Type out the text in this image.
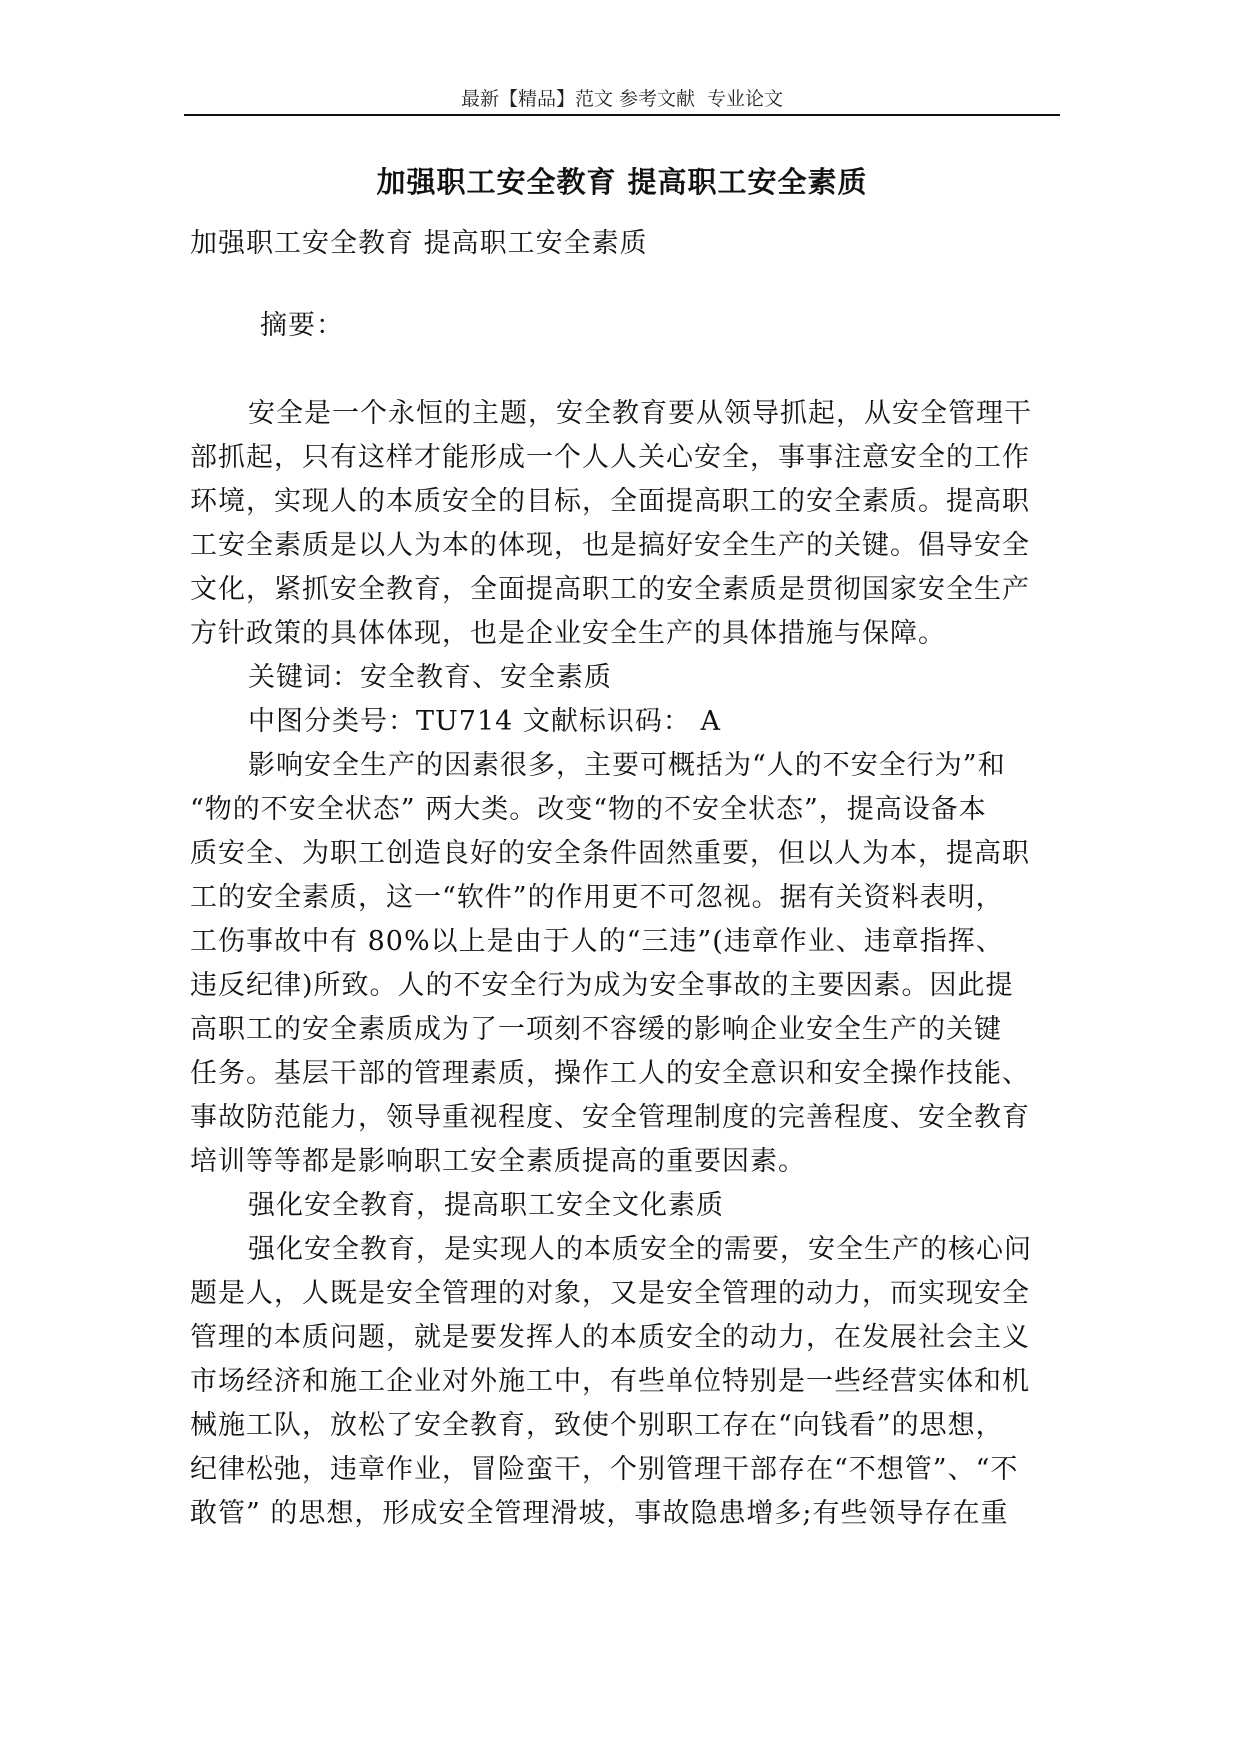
最新【精品】范文 参考文献  专业论文
加强职工安全教育 提高职工安全素质

加强职工安全教育 提高职工安全素质

摘要：

安全是一个永恒的主题，安全教育要从领导抓起，从安全管理干

部抓起，只有这样才能形成一个人人关心安全，事事注意安全的工作

环境，实现人的本质安全的目标，全面提高职工的安全素质。提高职

工安全素质是以人为本的体现，也是搞好安全生产的关键。倡导安全

文化，紧抓安全教育，全面提高职工的安全素质是贯彻国家安全生产

方针政策的具体体现，也是企业安全生产的具体措施与保障。

关键词：安全教育、安全素质

中图分类号：TU714 文献标识码： A

影响安全生产的因素很多，主要可概括为“人的不安全行为”和

“物的不安全状态” 两大类。改变“物的不安全状态”，提高设备本

质安全、为职工创造良好的安全条件固然重要，但以人为本，提高职

工的安全素质，这一“软件”的作用更不可忽视。据有关资料表明，

工伤事故中有 80%以上是由于人的“三违”(违章作业、违章指挥、

违反纪律)所致。人的不安全行为成为安全事故的主要因素。因此提

高职工的安全素质成为了一项刻不容缓的影响企业安全生产的关键

任务。基层干部的管理素质，操作工人的安全意识和安全操作技能、

事故防范能力，领导重视程度、安全管理制度的完善程度、安全教育

培训等等都是影响职工安全素质提高的重要因素。

强化安全教育，提高职工安全文化素质

强化安全教育，是实现人的本质安全的需要，安全生产的核心问

题是人，人既是安全管理的对象，又是安全管理的动力，而实现安全

管理的本质问题，就是要发挥人的本质安全的动力，在发展社会主义

市场经济和施工企业对外施工中，有些单位特别是一些经营实体和机

械施工队，放松了安全教育，致使个别职工存在“向钱看”的思想，

纪律松弛，违章作业，冒险蛮干，个别管理干部存在“不想管”、“不

敢管” 的思想，形成安全管理滑坡，事故隐患增多;有些领导存在重
